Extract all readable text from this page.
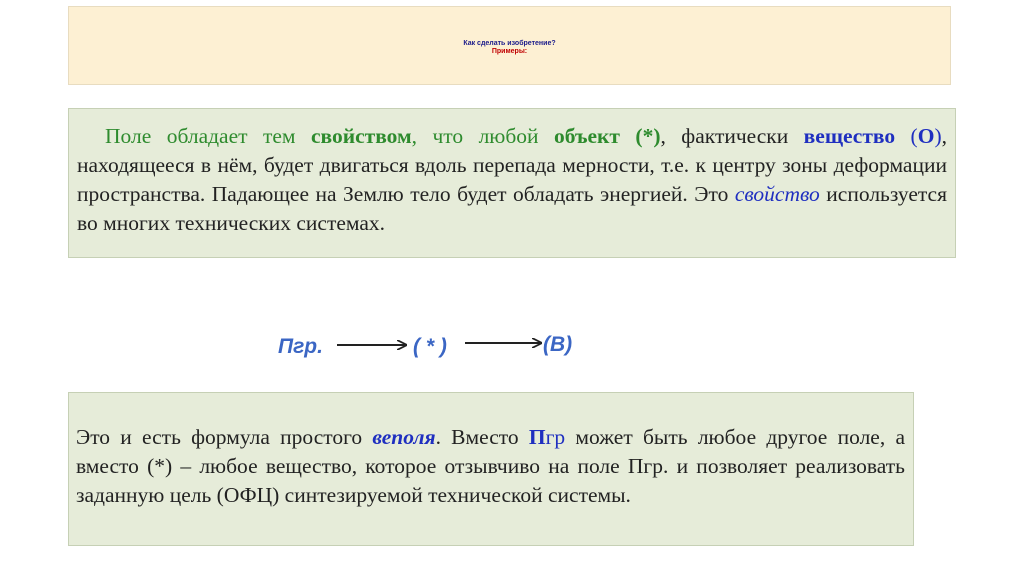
Как сделать изобретение?
Примеры:
Поле обладает тем свойством, что любой объект (*), фактически вещество (О), находящееся в нём, будет двигаться вдоль перепада мерности, т.е. к центру зоны деформации пространства. Падающее на Землю тело будет обладать энергией. Это свойство используется во многих технических системах.
Пгр.	( * )	(В)
Это и есть формула простого веполя. Вместо Пгр может быть любое другое поле, а вместо (*) – любое вещество, которое отзывчиво на поле Пгр. и позволяет реализовать заданную цель (ОФЦ) синтезируемой технической системы.
